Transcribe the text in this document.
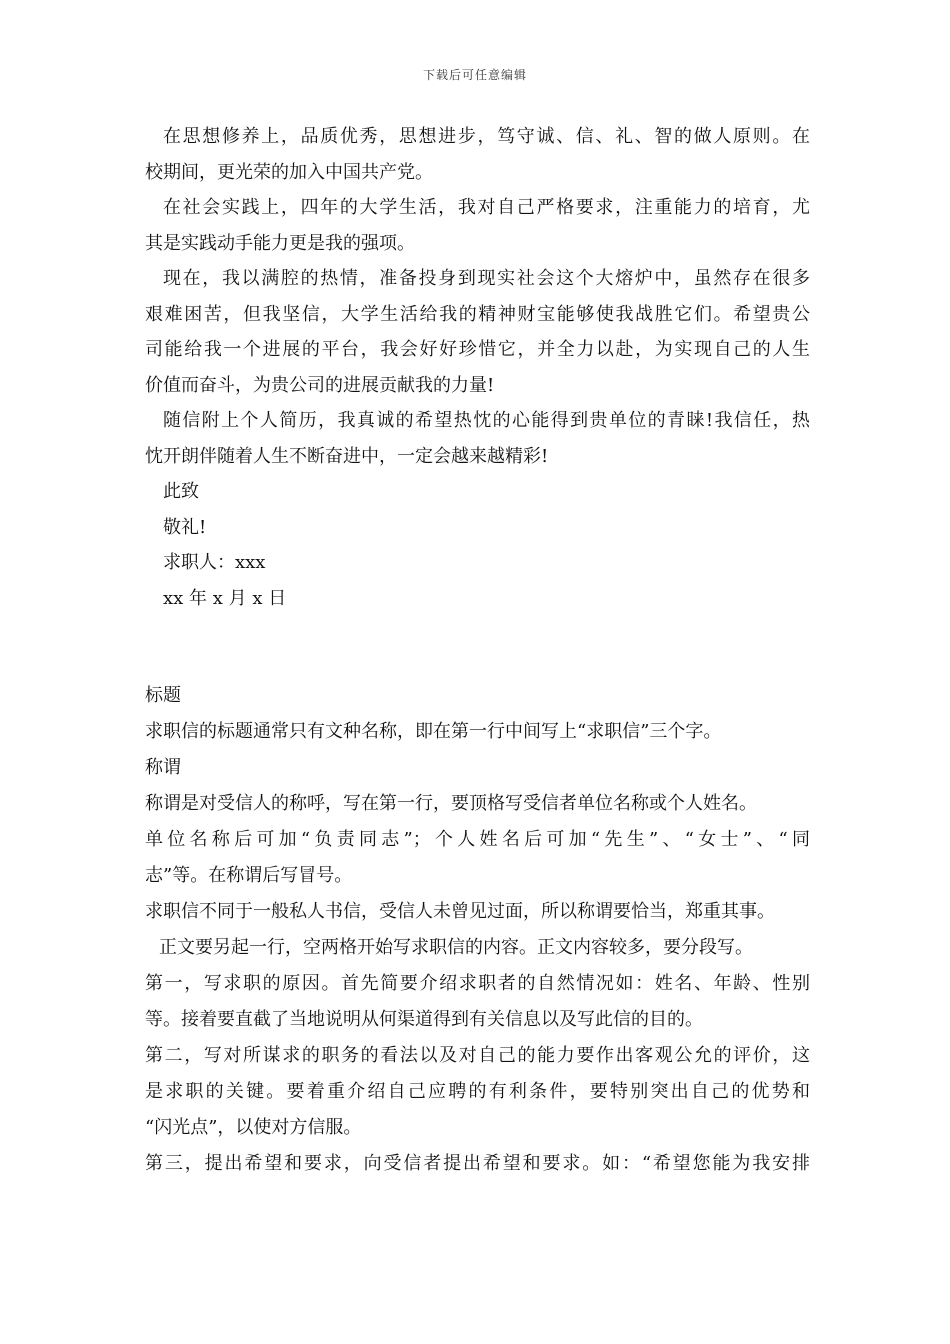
下载后可任意编辑
在思想修养上，品质优秀，思想进步，笃守诚、信、礼、智的做人原则。在
校期间，更光荣的加入中国共产党。
在社会实践上，四年的大学生活，我对自己严格要求，注重能力的培育，尤
其是实践动手能力更是我的强项。
现在，我以满腔的热情，准备投身到现实社会这个大熔炉中，虽然存在很多
艰难困苦，但我坚信，大学生活给我的精神财宝能够使我战胜它们。希望贵公
司能给我一个进展的平台，我会好好珍惜它，并全力以赴，为实现自己的人生
价值而奋斗，为贵公司的进展贡献我的力量!
随信附上个人简历，我真诚的希望热忱的心能得到贵单位的青睐!我信任，热
忱开朗伴随着人生不断奋进中，一定会越来越精彩!
此致
敬礼!
求职人：xxx
xx 年 x 月 x 日
标题
求职信的标题通常只有文种名称，即在第一行中间写上“求职信”三个字。
称谓
称谓是对受信人的称呼，写在第一行，要顶格写受信者单位名称或个人姓名。
单位名称后可加“负责同志”；个人姓名后可加“先生”、“女士”、“同
志”等。在称谓后写冒号。
求职信不同于一般私人书信，受信人未曾见过面，所以称谓要恰当，郑重其事。
正文要另起一行，空两格开始写求职信的内容。正文内容较多，要分段写。
第一，写求职的原因。首先简要介绍求职者的自然情况如：姓名、年龄、性别
等。接着要直截了当地说明从何渠道得到有关信息以及写此信的目的。
第二，写对所谋求的职务的看法以及对自己的能力要作出客观公允的评价，这
是求职的关键。要着重介绍自己应聘的有利条件，要特别突出自己的优势和
“闪光点”，以使对方信服。
第三，提出希望和要求，向受信者提出希望和要求。如：“希望您能为我安排
